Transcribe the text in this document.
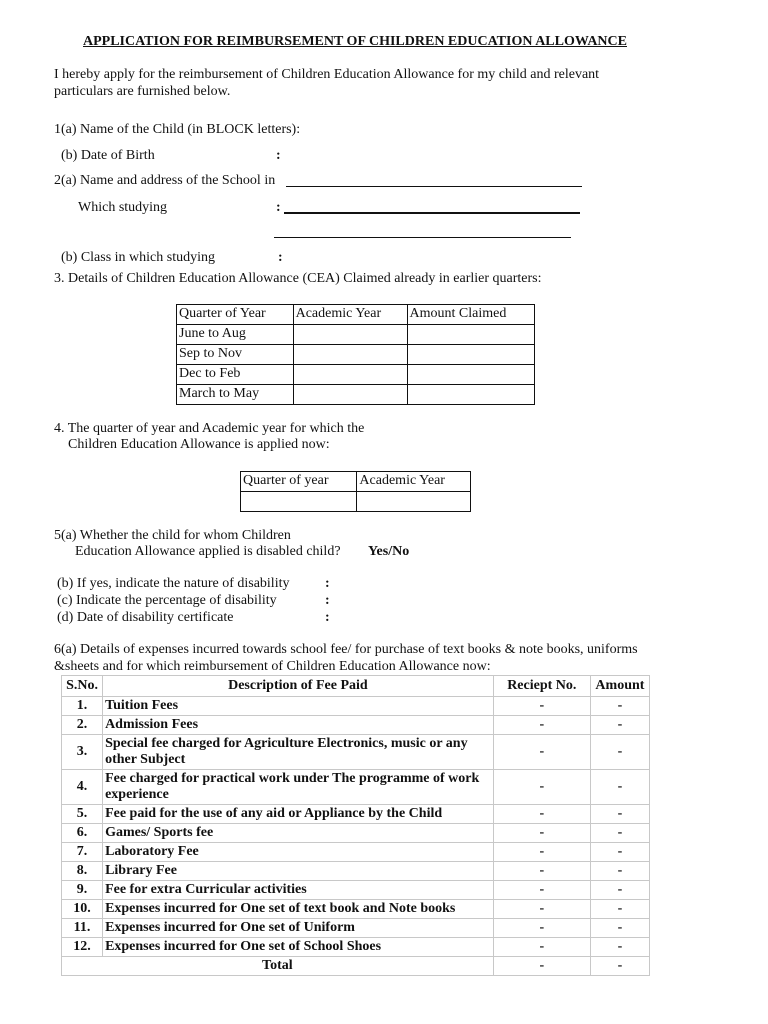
APPLICATION FOR REIMBURSEMENT OF CHILDREN EDUCATION ALLOWANCE
I hereby apply for the reimbursement of Children Education Allowance for my child and relevant
particulars are furnished below.
1(a) Name of the Child (in BLOCK letters):
(b) Date of Birth	:
2(a) Name and address of the School in
Which studying	:
(b) Class in which studying	:
3. Details of Children Education Allowance (CEA) Claimed already in earlier quarters:
Quarter of Year	Academic Year	Amount Claimed
June to Aug		
Sep to Nov		
Dec to Feb		
March to May		
4. The quarter of year and Academic year for which the
Children Education Allowance is applied now:
Quarter of year	Academic Year

5(a) Whether the child for whom Children
Education Allowance applied is disabled child? Yes/No
(b) If yes, indicate the nature of disability	:
(c) Indicate the percentage of disability	:
(d) Date of disability certificate	:
6(a) Details of expenses incurred towards school fee/ for purchase of text books & note books, uniforms
&sheets and for which reimbursement of Children Education Allowance now:
S.No.	Description of Fee Paid	Reciept No.	Amount
1.	Tuition Fees	-	-
2.	Admission Fees	-	-
3.	Special fee charged for Agriculture Electronics, music or any other Subject	-	-
4.	Fee charged for practical work under The programme of work experience	-	-
5.	Fee paid for the use of any aid or Appliance by the Child	-	-
6.	Games/ Sports fee	-	-
7.	Laboratory Fee	-	-
8.	Library Fee	-	-
9.	Fee for extra Curricular activities	-	-
10.	Expenses incurred for One set of text book and Note books	-	-
11.	Expenses incurred for One set of Uniform	-	-
12.	Expenses incurred for One set of School Shoes	-	-
Total		-	-
